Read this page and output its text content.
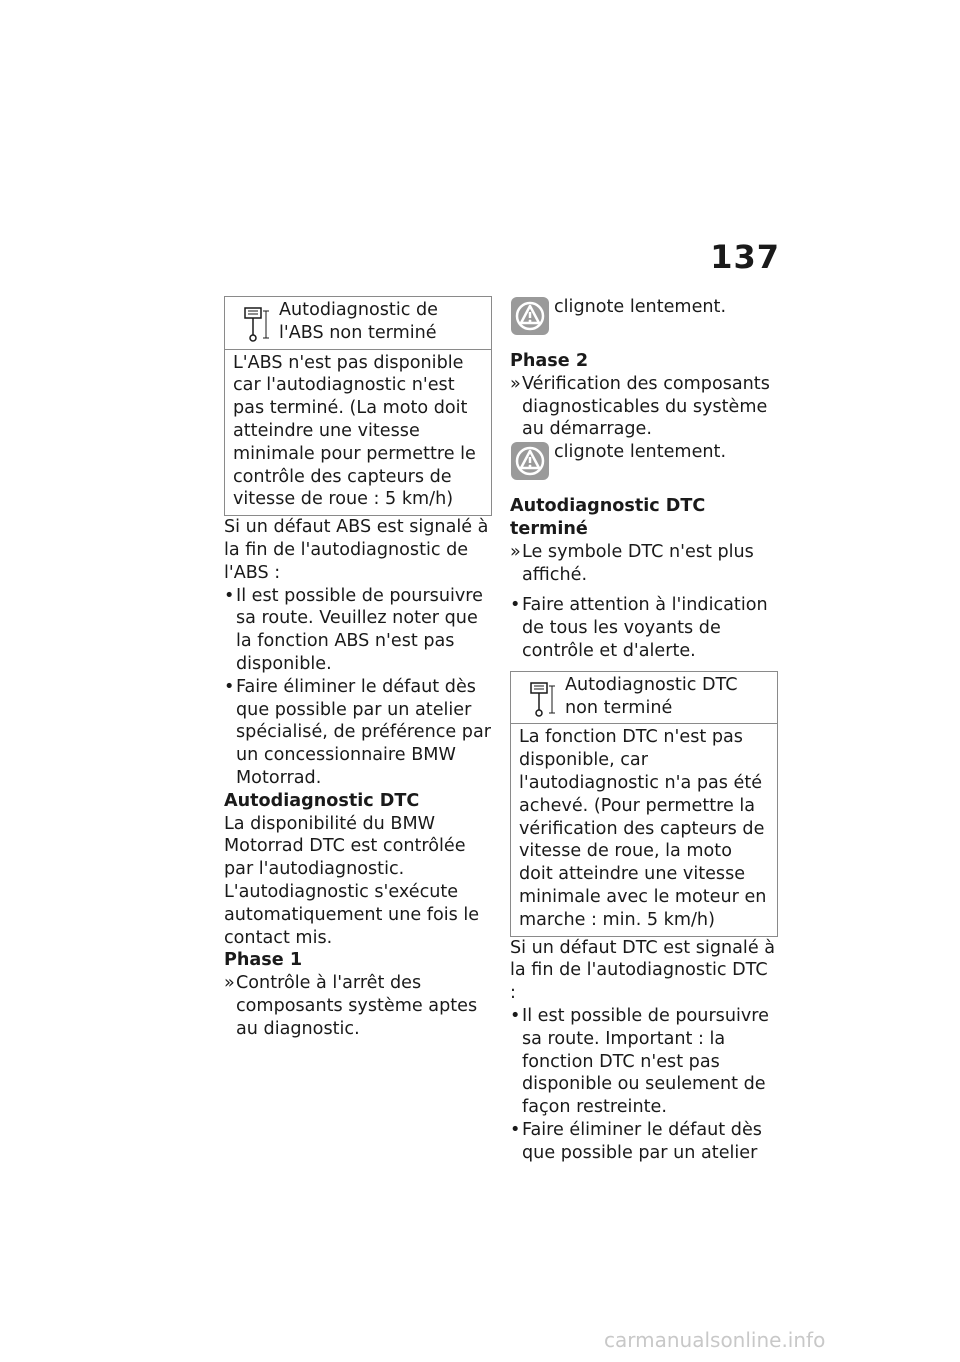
137
Autodiagnostic de l'ABS non terminé
L'ABS n'est pas disponible car l'autodiagnostic n'est pas terminé. (La moto doit atteindre une vitesse minimale pour permettre le contrôle des capteurs de vitesse de roue : 5 km/h)

Si un défaut ABS est signalé à la fin de l'autodiagnostic de l'ABS :

• Il est possible de poursuivre sa route. Veuillez noter que la fonction ABS n'est pas disponible.

• Faire éliminer le défaut dès que possible par un atelier spécialisé, de préférence par un concessionnaire BMW Motorrad.

Autodiagnostic DTC

La disponibilité du BMW Motorrad DTC est contrôlée par l'autodiagnostic. L'autodiagnostic s'exécute automatiquement une fois le contact mis.

Phase 1

» Contrôle à l'arrêt des composants système aptes au diagnostic.

clignote lentement.

Phase 2

» Vérification des composants diagnosticables du système au démarrage.

clignote lentement.

Autodiagnostic DTC terminé

» Le symbole DTC n'est plus affiché.

• Faire attention à l'indication de tous les voyants de contrôle et d'alerte.

Autodiagnostic DTC non terminé
La fonction DTC n'est pas disponible, car l'autodiagnostic n'a pas été achevé. (Pour permettre la vérification des capteurs de vitesse de roue, la moto doit atteindre une vitesse minimale avec le moteur en marche : min. 5 km/h)

Si un défaut DTC est signalé à la fin de l'autodiagnostic DTC :

• Il est possible de poursuivre sa route. Important : la fonction DTC n'est pas disponible ou seulement de façon restreinte.

• Faire éliminer le défaut dès que possible par un atelier

carmanualsonline.info
